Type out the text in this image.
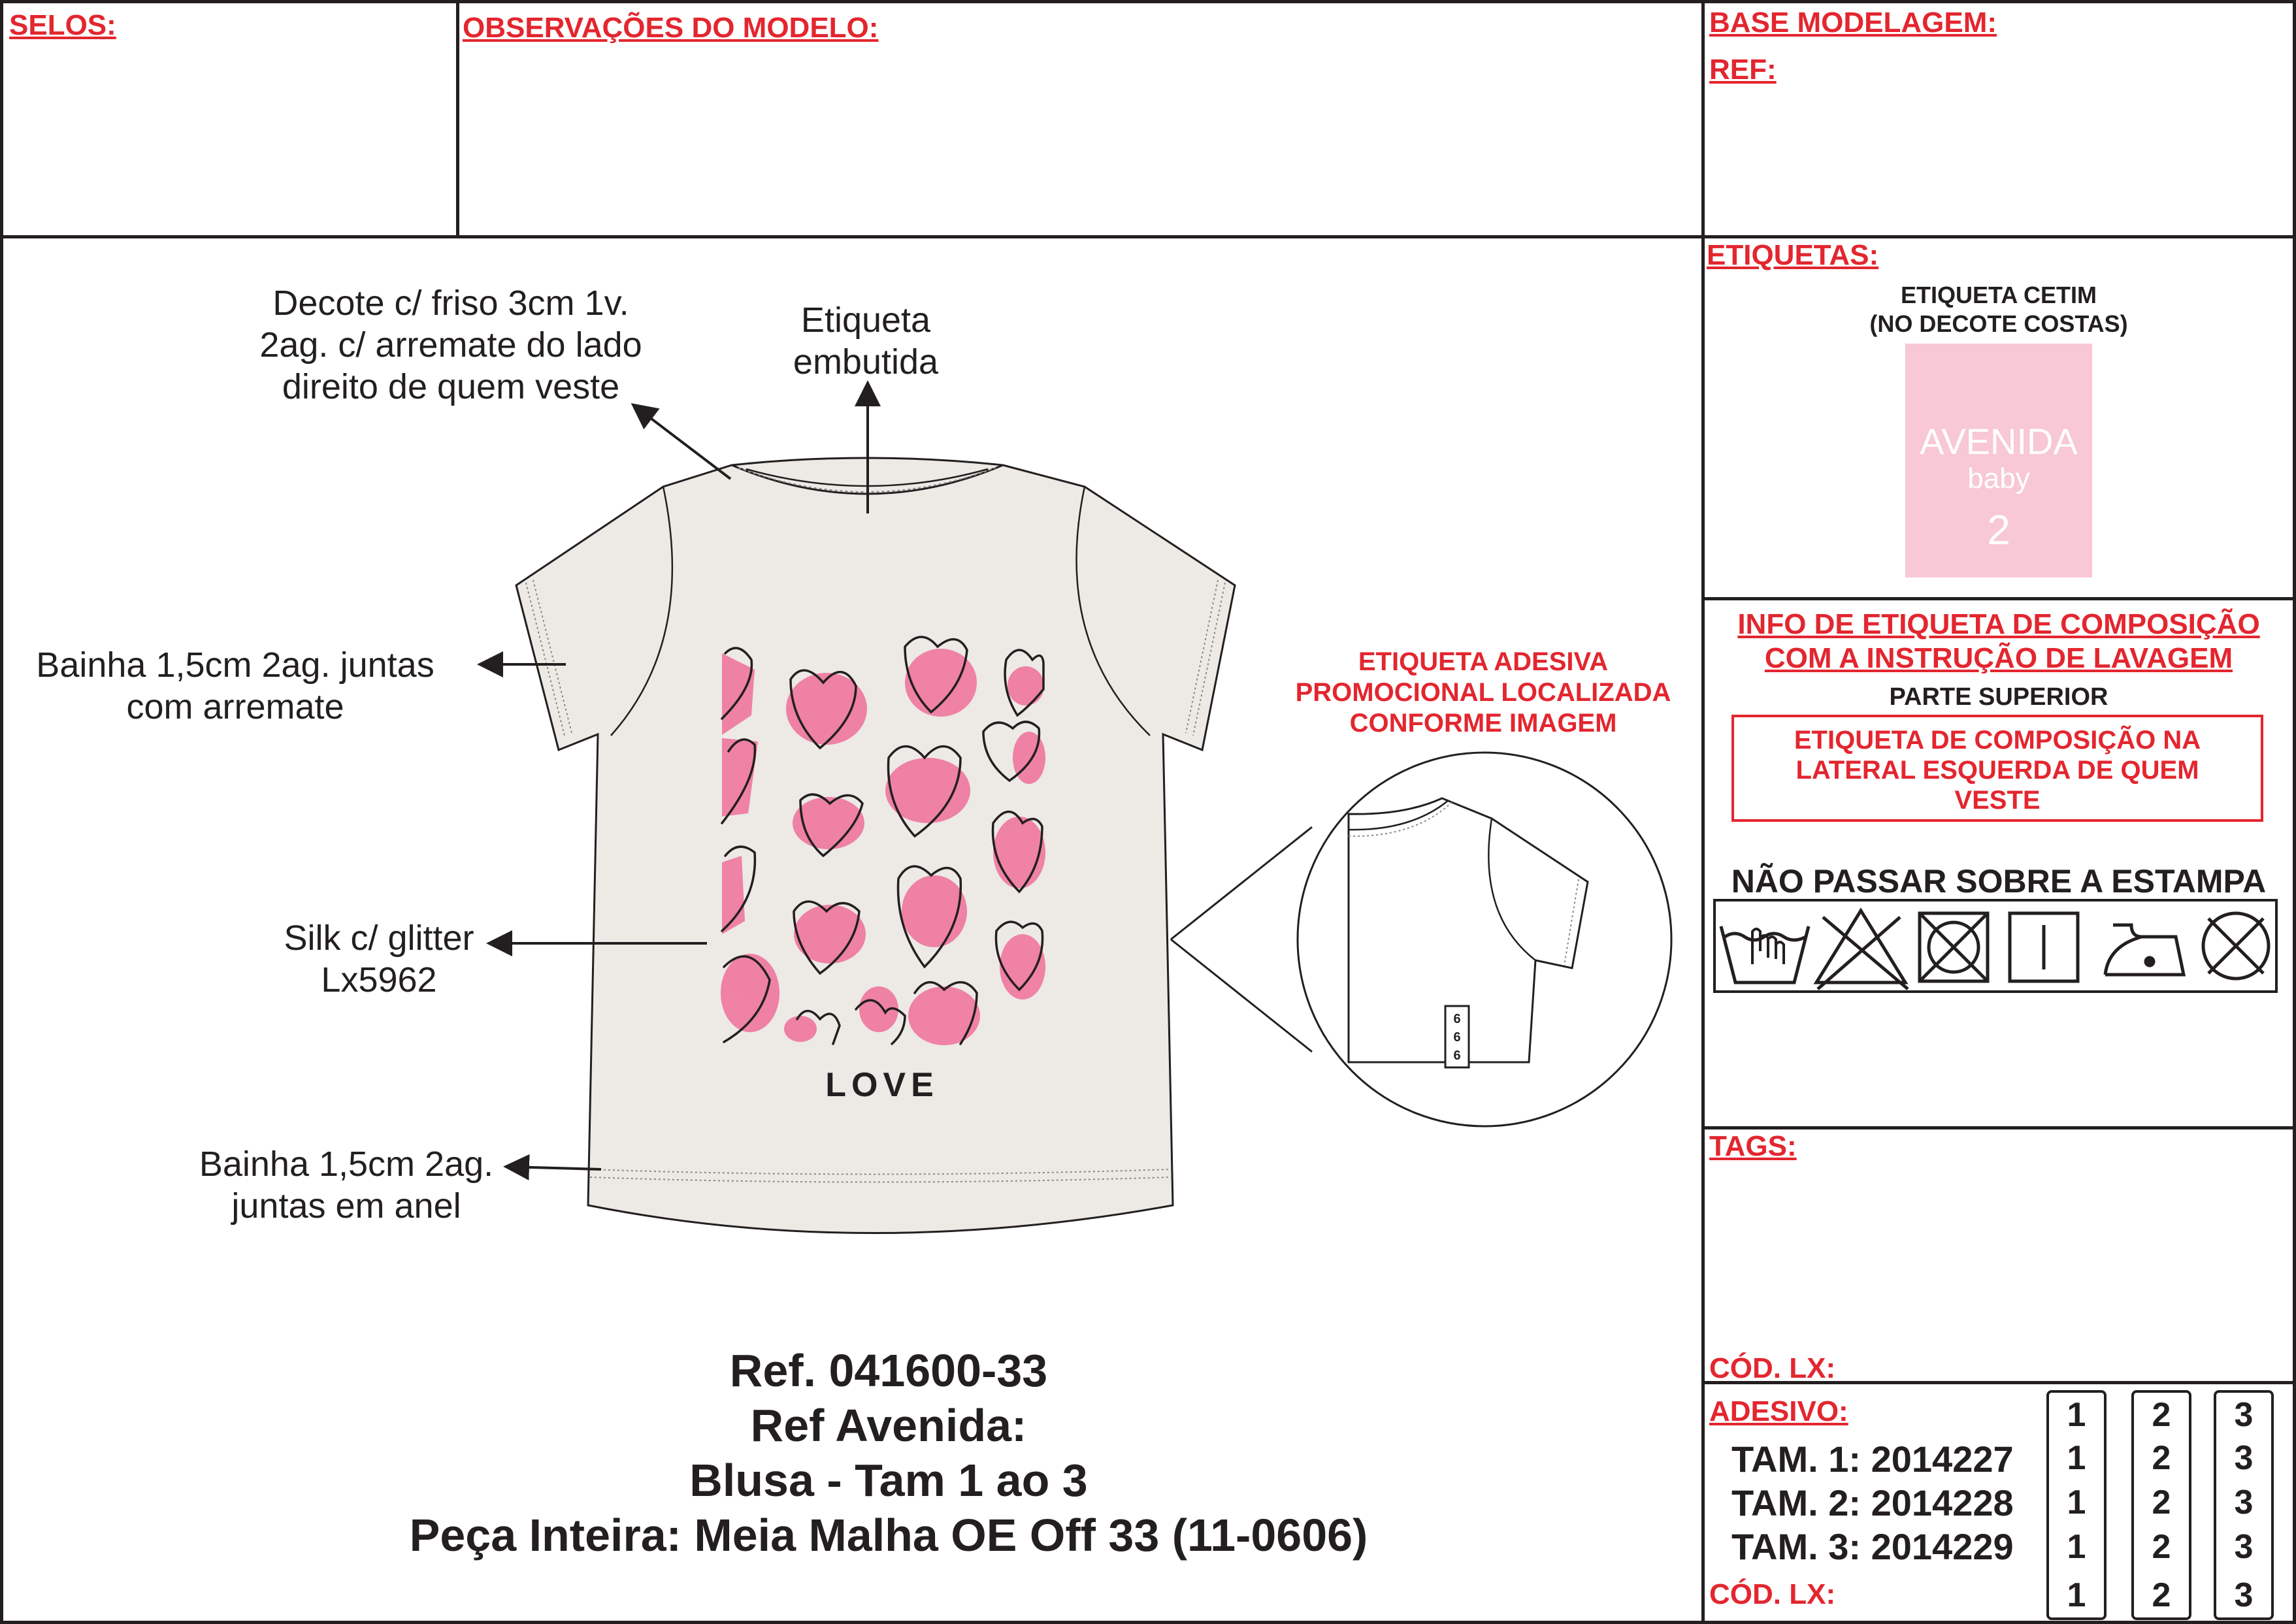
SELOS:	OBSERVAÇÕES DO MODELO:	BASE MODELAGEM:
REF:
ETIQUETAS:
TAGS:
CÓD. LX:
ADESIVO:
CÓD. LX:
Decote c/ friso 3cm 1v.
2ag. c/ arremate do lado
direito de quem veste
Etiqueta
embutida
Bainha 1,5cm 2ag. juntas
com arremate
Silk c/ glitter
Lx5962
Bainha 1,5cm 2ag.
juntas em anel
ETIQUETA ADESIVA
PROMOCIONAL LOCALIZADA
CONFORME IMAGEM
LOVE
6
6
6
Ref. 041600-33
Ref Avenida:
Blusa - Tam 1 ao 3
Peça Inteira: Meia Malha OE Off 33 (11-0606)
ETIQUETA CETIM
(NO DECOTE COSTAS)
AVENIDA
baby
2
INFO DE ETIQUETA DE COMPOSIÇÃO
COM A INSTRUÇÃO DE LAVAGEM
PARTE SUPERIOR
ETIQUETA DE COMPOSIÇÃO NA
LATERAL ESQUERDA DE QUEM
VESTE
NÃO PASSAR SOBRE A ESTAMPA
TAM. 1: 2014227
TAM. 2: 2014228
TAM. 3: 2014229
1
1
1
1
1
2
2
2
2
2
3
3
3
3
3
